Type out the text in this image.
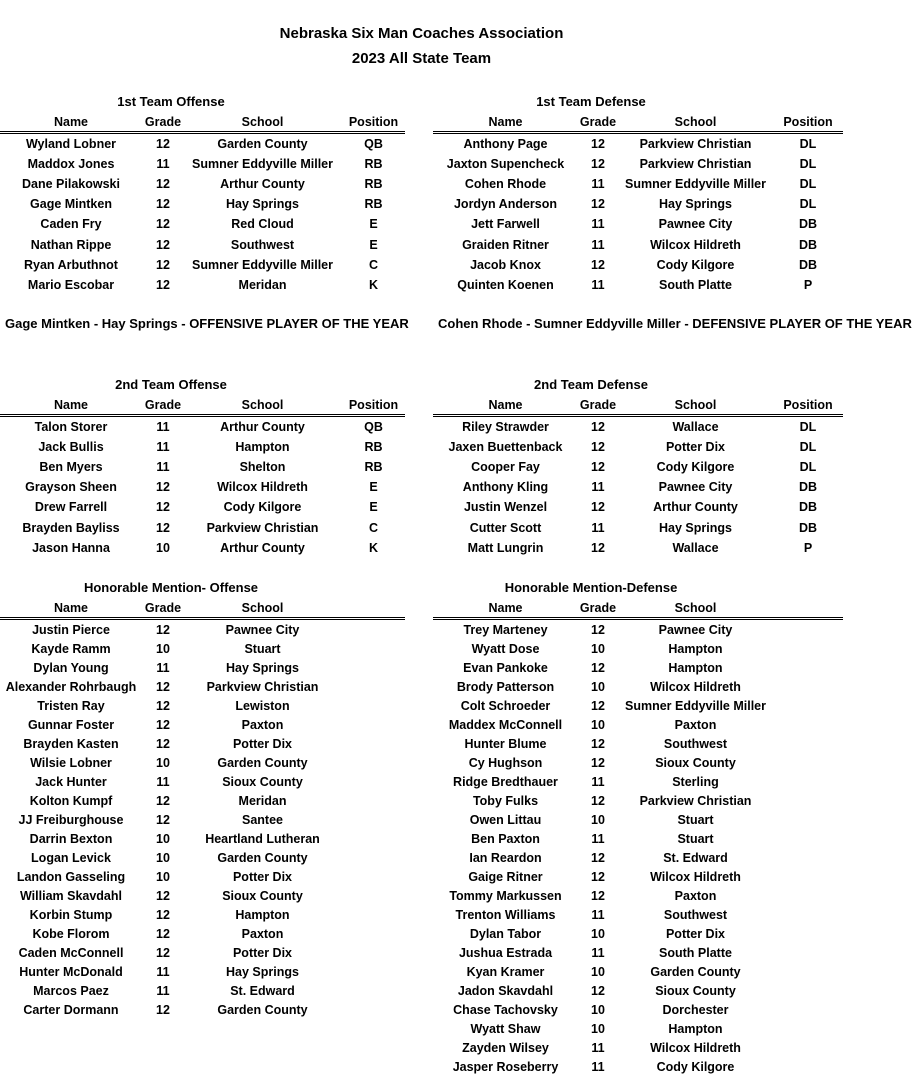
Nebraska Six Man Coaches Association
2023 All State Team
1st Team Offense
Name	Grade	School	Position
Wyland Lobner	12	Garden County	QB
Maddox Jones	11	Sumner Eddyville Miller	RB
Dane Pilakowski	12	Arthur County	RB
Gage Mintken	12	Hay Springs	RB
Caden Fry	12	Red Cloud	E
Nathan Rippe	12	Southwest	E
Ryan Arbuthnot	12	Sumner Eddyville Miller	C
Mario Escobar	12	Meridan	K
1st Team Defense
Name	Grade	School	Position
Anthony Page	12	Parkview Christian	DL
Jaxton Supencheck	12	Parkview Christian	DL
Cohen Rhode	11	Sumner Eddyville Miller	DL
Jordyn Anderson	12	Hay Springs	DL
Jett Farwell	11	Pawnee City	DB
Graiden Ritner	11	Wilcox Hildreth	DB
Jacob Knox	12	Cody Kilgore	DB
Quinten Koenen	11	South Platte	P
2nd Team Offense
Name	Grade	School	Position
Talon Storer	11	Arthur County	QB
Jack Bullis	11	Hampton	RB
Ben Myers	11	Shelton	RB
Grayson Sheen	12	Wilcox Hildreth	E
Drew Farrell	12	Cody Kilgore	E
Brayden Bayliss	12	Parkview Christian	C
Jason Hanna	10	Arthur County	K
2nd Team Defense
Name	Grade	School	Position
Riley Strawder	12	Wallace	DL
Jaxen Buettenback	12	Potter Dix	DL
Cooper Fay	12	Cody Kilgore	DL
Anthony Kling	11	Pawnee City	DB
Justin Wenzel	12	Arthur County	DB
Cutter Scott	11	Hay Springs	DB
Matt Lungrin	12	Wallace	P
Honorable Mention- Offense
Name	Grade	School
Justin Pierce	12	Pawnee City
Kayde Ramm	10	Stuart
Dylan Young	11	Hay Springs
Alexander Rohrbaugh	12	Parkview Christian
Tristen Ray	12	Lewiston
Gunnar Foster	12	Paxton
Brayden Kasten	12	Potter Dix
Wilsie Lobner	10	Garden County
Jack Hunter	11	Sioux County
Kolton Kumpf	12	Meridan
JJ Freiburghouse	12	Santee
Darrin Bexton	10	Heartland Lutheran
Logan Levick	10	Garden County
Landon Gasseling	10	Potter Dix
William Skavdahl	12	Sioux County
Korbin Stump	12	Hampton
Kobe Florom	12	Paxton
Caden McConnell	12	Potter Dix
Hunter McDonald	11	Hay Springs
Marcos Paez	11	St. Edward
Carter Dormann	12	Garden County
Honorable Mention-Defense
Name	Grade	School
Trey Marteney	12	Pawnee City
Wyatt Dose	10	Hampton
Evan Pankoke	12	Hampton
Brody Patterson	10	Wilcox Hildreth
Colt Schroeder	12	Sumner Eddyville Miller
Maddex McConnell	10	Paxton
Hunter Blume	12	Southwest
Cy Hughson	12	Sioux County
Ridge Bredthauer	11	Sterling
Toby Fulks	12	Parkview Christian
Owen Littau	10	Stuart
Ben Paxton	11	Stuart
Ian Reardon	12	St. Edward
Gaige Ritner	12	Wilcox Hildreth
Tommy Markussen	12	Paxton
Trenton Williams	11	Southwest
Dylan Tabor	10	Potter Dix
Jushua Estrada	11	South Platte
Kyan Kramer	10	Garden County
Jadon Skavdahl	12	Sioux County
Chase Tachovsky	10	Dorchester
Wyatt Shaw	10	Hampton
Zayden Wilsey	11	Wilcox Hildreth
Jasper Roseberry	11	Cody Kilgore
Gage Mintken - Hay Springs - OFFENSIVE PLAYER OF THE YEAR Cohen Rhode - Sumner Eddyville Miller - DEFENSIVE PLAYER OF THE YEAR
